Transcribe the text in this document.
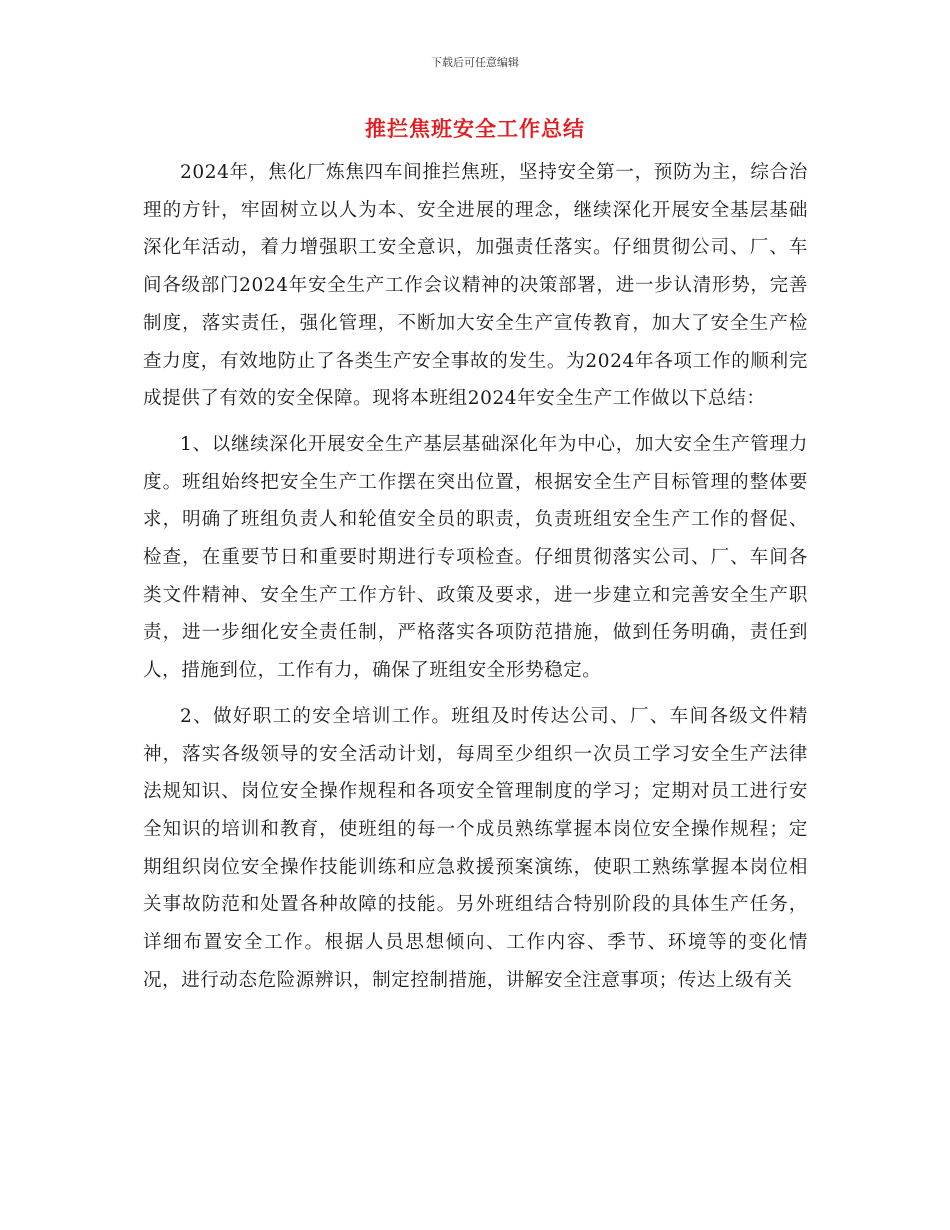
下载后可任意编辑
推拦焦班安全工作总结

2024年，焦化厂炼焦四车间推拦焦班，坚持安全第一，预防为主，综合治理的方针，牢固树立以人为本、安全进展的理念，继续深化开展安全基层基础深化年活动，着力增强职工安全意识，加强责任落实。仔细贯彻公司、厂、车间各级部门2024年安全生产工作会议精神的决策部署，进一步认清形势，完善制度，落实责任，强化管理，不断加大安全生产宣传教育，加大了安全生产检查力度，有效地防止了各类生产安全事故的发生。为2024年各项工作的顺利完成提供了有效的安全保障。现将本班组2024年安全生产工作做以下总结：

1、以继续深化开展安全生产基层基础深化年为中心，加大安全生产管理力度。班组始终把安全生产工作摆在突出位置，根据安全生产目标管理的整体要求，明确了班组负责人和轮值安全员的职责，负责班组安全生产工作的督促、检查，在重要节日和重要时期进行专项检查。仔细贯彻落实公司、厂、车间各类文件精神、安全生产工作方针、政策及要求，进一步建立和完善安全生产职责，进一步细化安全责任制，严格落实各项防范措施，做到任务明确，责任到人，措施到位，工作有力，确保了班组安全形势稳定。

2、做好职工的安全培训工作。班组及时传达公司、厂、车间各级文件精神，落实各级领导的安全活动计划，每周至少组织一次员工学习安全生产法律法规知识、岗位安全操作规程和各项安全管理制度的学习；定期对员工进行安全知识的培训和教育，使班组的每一个成员熟练掌握本岗位安全操作规程；定期组织岗位安全操作技能训练和应急救援预案演练，使职工熟练掌握本岗位相关事故防范和处置各种故障的技能。另外班组结合特别阶段的具体生产任务，详细布置安全工作。根据人员思想倾向、工作内容、季节、环境等的变化情况，进行动态危险源辨识，制定控制措施，讲解安全注意事项；传达上级有关
